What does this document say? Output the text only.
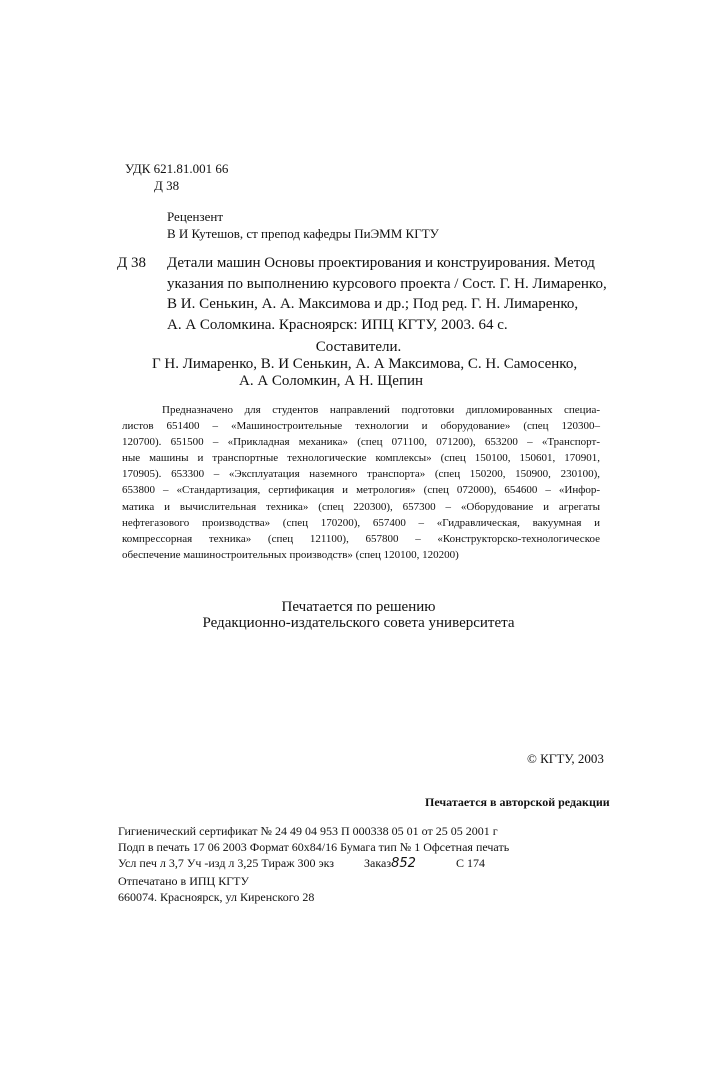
УДК 621.81.001 66
Д 38
Рецензент
В И Кутешов, ст препод кафедры ПиЭММ КГТУ
Д 38	Детали машин Основы проектирования и конструирования. Метод
указания по выполнению курсового проекта / Сост. Г. Н. Лимаренко,
В И. Сенькин, А. А. Максимова и др.; Под ред. Г. Н. Лимаренко,
А. А Соломкина. Красноярск: ИПЦ КГТУ, 2003. 64 с.
Составители.
Г Н. Лимаренко, В. И Сенькин, А. А Максимова, С. Н. Самосенко,
А. А Соломкин, А Н. Щепин
Предназначено для студентов направлений подготовки дипломированных специа-
листов 651400 – «Машиностроительные технологии и оборудование» (спец 120300–
120700). 651500 – «Прикладная механика» (спец 071100, 071200), 653200 – «Транспорт-
ные машины и транспортные технологические комплексы» (спец 150100, 150601, 170901,
170905). 653300 – «Эксплуатация наземного транспорта» (спец 150200, 150900, 230100),
653800 – «Стандартизация, сертификация и метрология» (спец 072000), 654600 – «Инфор-
матика и вычислительная техника» (спец 220300), 657300 – «Оборудование и агрегаты
нефтегазового производства» (спец 170200), 657400 – «Гидравлическая, вакуумная и
компрессорная техника» (спец 121100), 657800 – «Конструкторско-технологическое
обеспечение машиностроительных производств» (спец 120100, 120200)
Печатается по решению
Редакционно-издательского совета университета
© КГТУ, 2003
Печатается в авторской редакции
Гигиенический сертификат № 24 49 04 953 П 000338 05 01 от 25 05 2001 г
Подп в печать 17 06 2003 Формат 60х84/16 Бумага тип № 1 Офсетная печать
Усл печ л 3,7 Уч -изд л 3,25 Тираж 300 экз	Заказ852	С 174
Отпечатано в ИПЦ КГТУ
660074. Красноярск, ул Киренского 28
